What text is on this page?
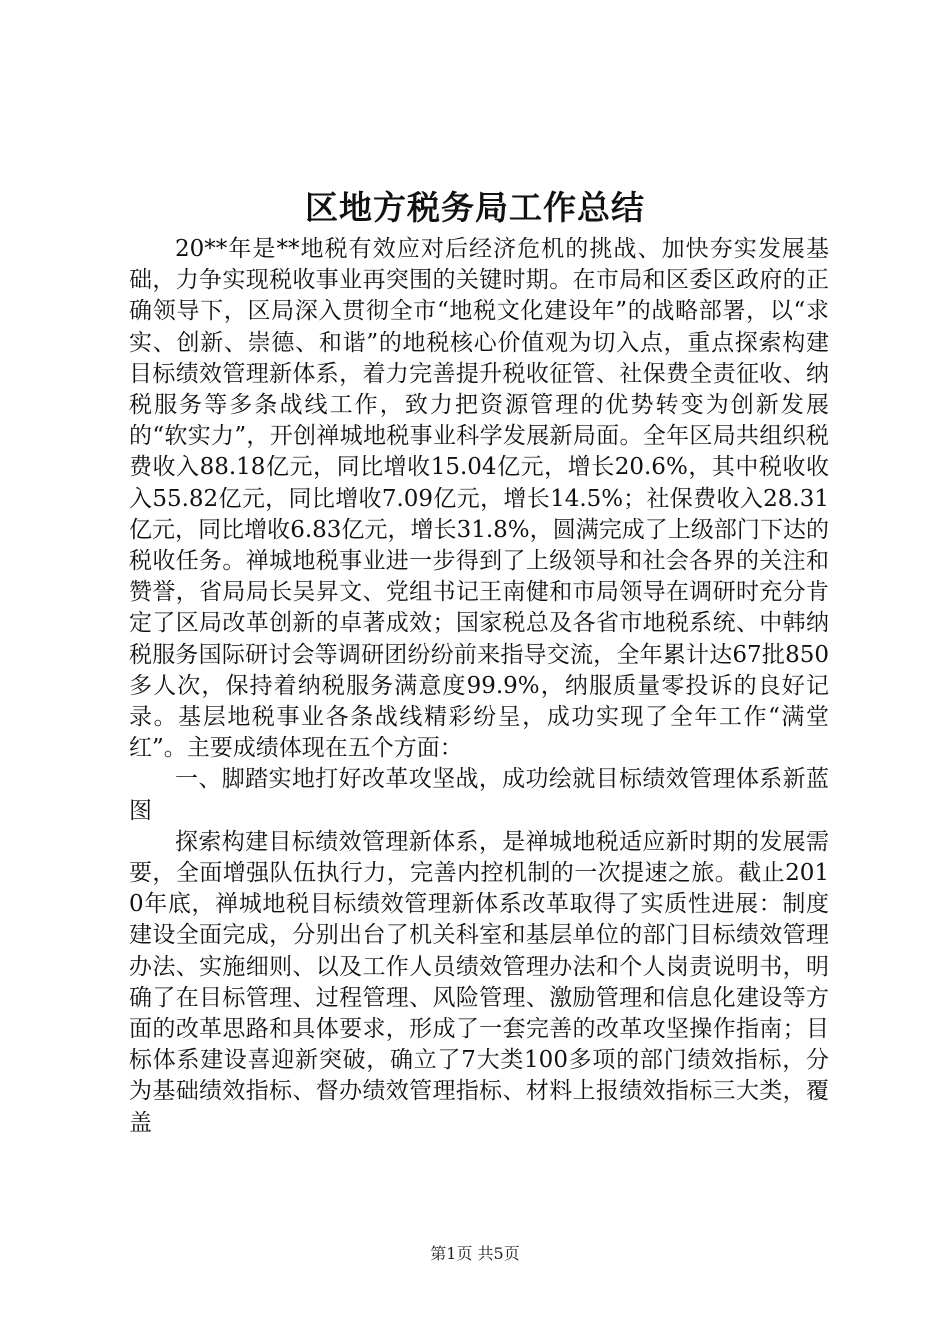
区地方税务局工作总结

20**年是**地税有效应对后经济危机的挑战、加快夯实发展基础，力争实现税收事业再突围的关键时期。在市局和区委区政府的正确领导下，区局深入贯彻全市“地税文化建设年”的战略部署，以“求实、创新、崇德、和谐”的地税核心价值观为切入点，重点探索构建目标绩效管理新体系，着力完善提升税收征管、社保费全责征收、纳税服务等多条战线工作，致力把资源管理的优势转变为创新发展的“软实力”，开创禅城地税事业科学发展新局面。全年区局共组织税费收入88.18亿元，同比增收15.04亿元，增长20.6%，其中税收收入55.82亿元，同比增收7.09亿元，增长14.5%；社保费收入28.31亿元，同比增收6.83亿元，增长31.8%，圆满完成了上级部门下达的税收任务。禅城地税事业进一步得到了上级领导和社会各界的关注和赞誉，省局局长吴昇文、党组书记王南健和市局领导在调研时充分肯定了区局改革创新的卓著成效；国家税总及各省市地税系统、中韩纳税服务国际研讨会等调研团纷纷前来指导交流，全年累计达67批850多人次，保持着纳税服务满意度99.9%，纳服质量零投诉的良好记录。基层地税事业各条战线精彩纷呈，成功实现了全年工作“满堂红”。主要成绩体现在五个方面：

一、脚踏实地打好改革攻坚战，成功绘就目标绩效管理体系新蓝图

探索构建目标绩效管理新体系，是禅城地税适应新时期的发展需要，全面增强队伍执行力，完善内控机制的一次提速之旅。截止2010年底，禅城地税目标绩效管理新体系改革取得了实质性进展：制度建设全面完成，分别出台了机关科室和基层单位的部门目标绩效管理办法、实施细则、以及工作人员绩效管理办法和个人岗责说明书，明确了在目标管理、过程管理、风险管理、激励管理和信息化建设等方面的改革思路和具体要求，形成了一套完善的改革攻坚操作指南；目标体系建设喜迎新突破，确立了7大类100多项的部门绩效指标，分为基础绩效指标、督办绩效管理指标、材料上报绩效指标三大类，覆盖

第1页 共5页
